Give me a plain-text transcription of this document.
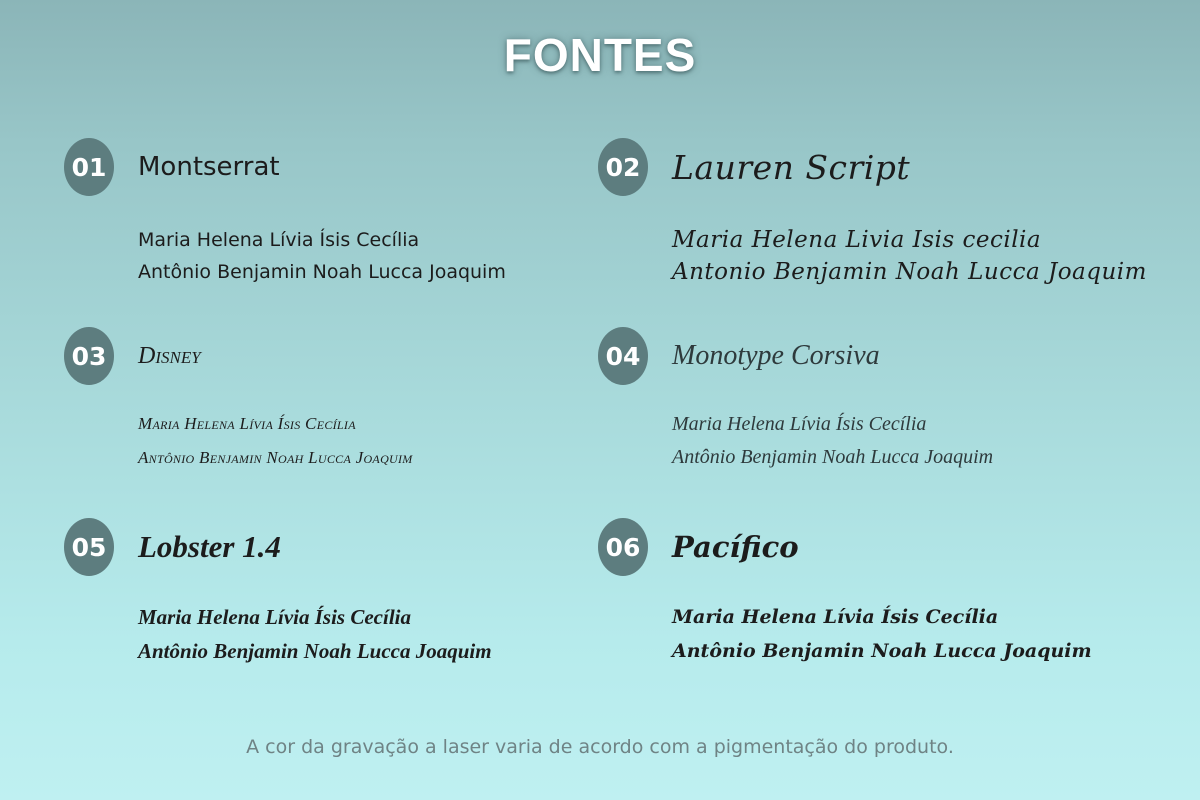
FONTES
01 Montserrat
Maria Helena Lívia Ísis Cecília
Antônio Benjamin Noah Lucca Joaquim
02 Lauren Script
Maria Helena Livia Isis cecilia
Antonio Benjamin Noah Lucca Joaquim
03	Disney
Maria Helena Lívia Ísis Cecília
Antônio Benjamin Noah Lucca Joaquim
04 Monotype Corsiva
Maria Helena Lívia Ísis Cecília
Antônio Benjamin Noah Lucca Joaquim
05 Lobster 1.4
Maria Helena Lívia Ísis Cecília
Antônio Benjamin Noah Lucca Joaquim
06 Pacífico
Maria Helena Lívia Ísis Cecília
Antônio Benjamin Noah Lucca Joaquim
A cor da gravação a laser varia de acordo com a pigmentação do produto.
